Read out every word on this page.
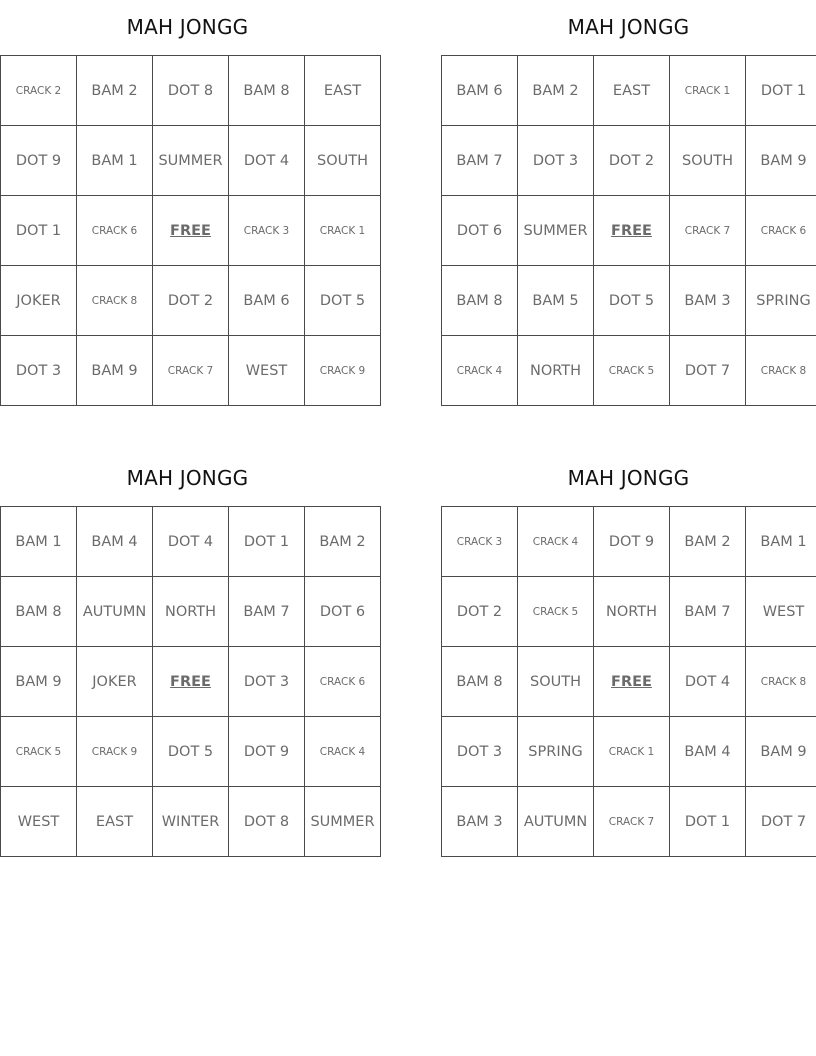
MAH JONGG
CRACK 2	BAM 2	DOT 8	BAM 8	EAST
DOT 9	BAM 1	SUMMER	DOT 4	SOUTH
DOT 1	CRACK 6	FREE	CRACK 3	CRACK 1
JOKER	CRACK 8	DOT 2	BAM 6	DOT 5
DOT 3	BAM 9	CRACK 7	WEST	CRACK 9
MAH JONGG
BAM 6	BAM 2	EAST	CRACK 1	DOT 1
BAM 7	DOT 3	DOT 2	SOUTH	BAM 9
DOT 6	SUMMER	FREE	CRACK 7	CRACK 6
BAM 8	BAM 5	DOT 5	BAM 3	SPRING
CRACK 4	NORTH	CRACK 5	DOT 7	CRACK 8
MAH JONGG
BAM 1	BAM 4	DOT 4	DOT 1	BAM 2
BAM 8	AUTUMN	NORTH	BAM 7	DOT 6
BAM 9	JOKER	FREE	DOT 3	CRACK 6
CRACK 5	CRACK 9	DOT 5	DOT 9	CRACK 4
WEST	EAST	WINTER	DOT 8	SUMMER
MAH JONGG
CRACK 3	CRACK 4	DOT 9	BAM 2	BAM 1
DOT 2	CRACK 5	NORTH	BAM 7	WEST
BAM 8	SOUTH	FREE	DOT 4	CRACK 8
DOT 3	SPRING	CRACK 1	BAM 4	BAM 9
BAM 3	AUTUMN	CRACK 7	DOT 1	DOT 7
